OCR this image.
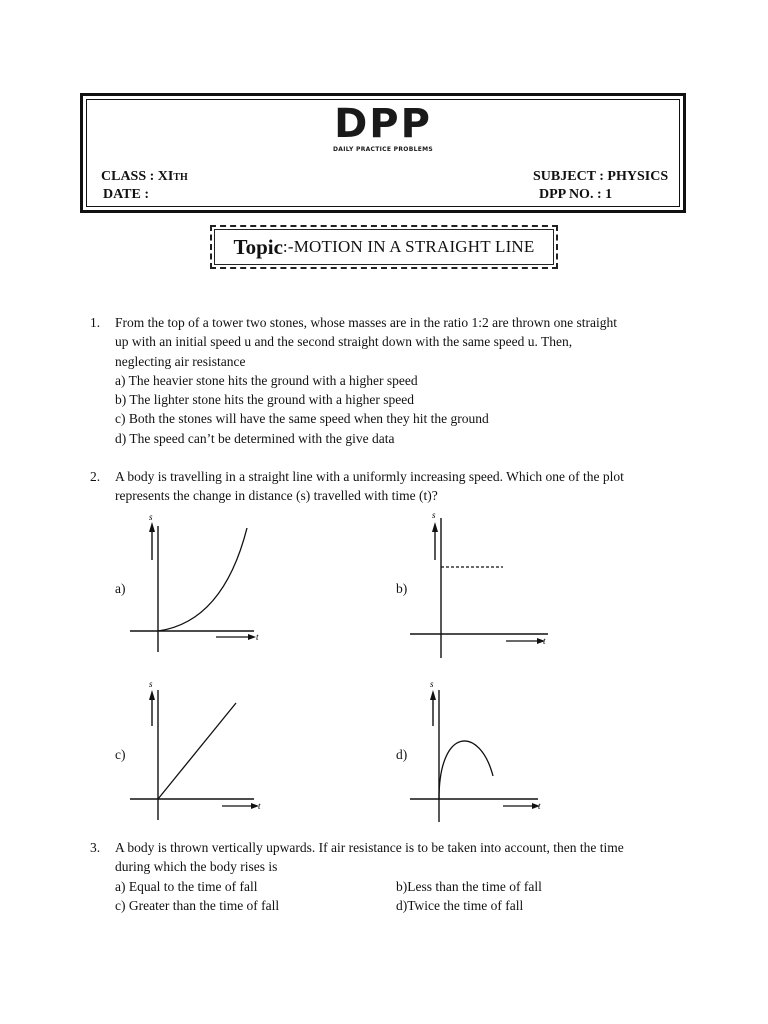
DPP
DAILY PRACTICE PROBLEMS
CLASS : XITH
DATE :
SUBJECT : PHYSICS
DPP NO. : 1
Topic :-MOTION IN A STRAIGHT LINE
1. From the top of a tower two stones, whose masses are in the ratio 1:2 are thrown one straight
up with an initial speed u and the second straight down with the same speed u. Then,
neglecting air resistance
a) The heavier stone hits the ground with a higher speed
b) The lighter stone hits the ground with a higher speed
c) Both the stones will have the same speed when they hit the ground
d) The speed can’t be determined with the give data
2. A body is travelling in a straight line with a uniformly increasing speed. Which one of the plot
represents the change in distance (s) travelled with time (t)?
a)	b)
c)	d)
s
t
s
t
s
t
s
t
3. A body is thrown vertically upwards. If air resistance is to be taken into account, then the time
during which the body rises is
a) Equal to the time of fall	b)Less than the time of fall
c) Greater than the time of fall	d)Twice the time of fall
